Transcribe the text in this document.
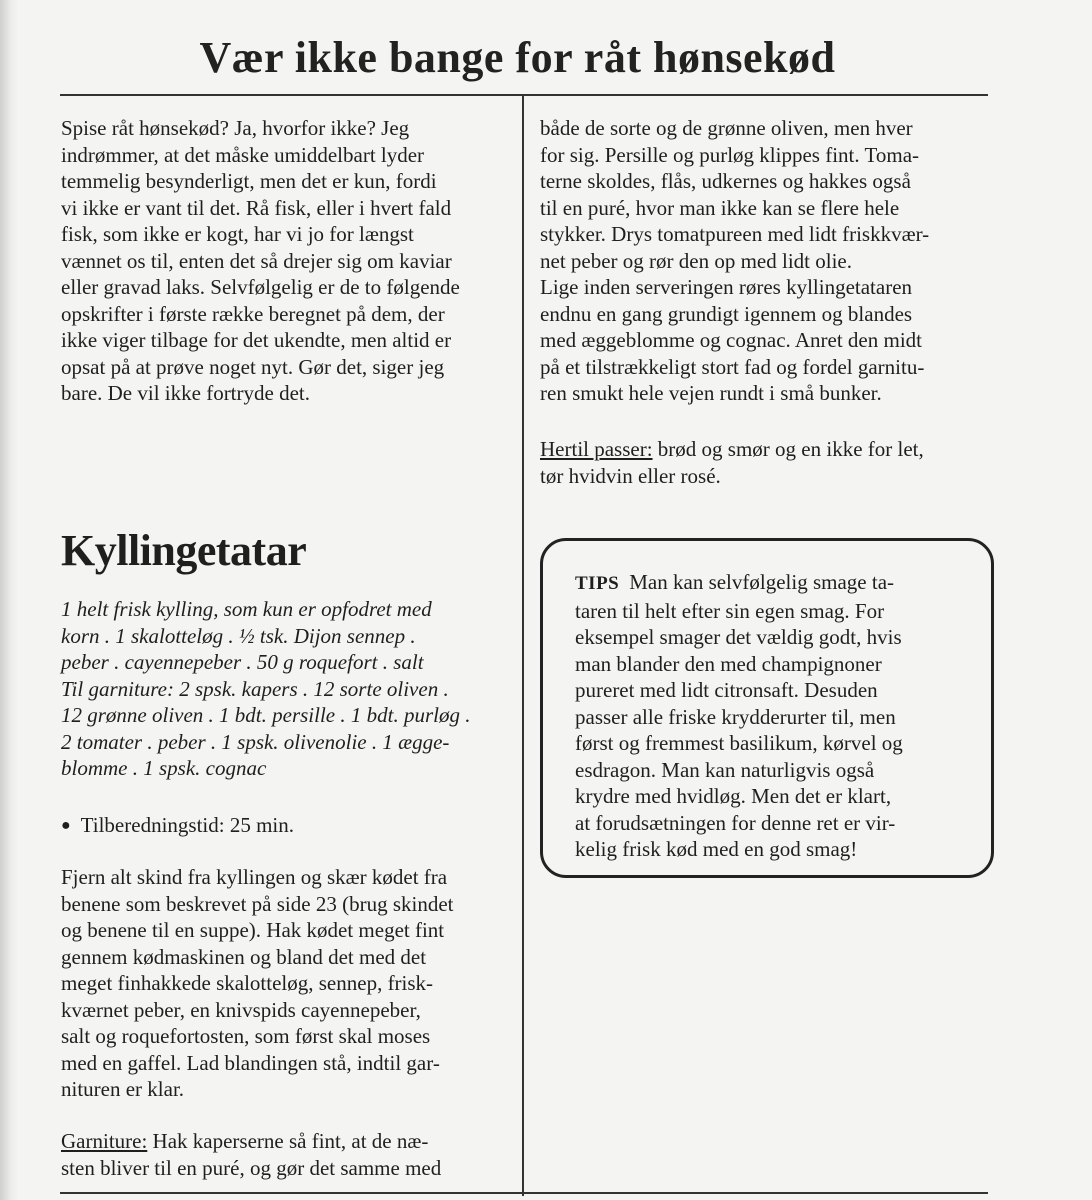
Vær ikke bange for råt hønsekød
Spise råt hønsekød? Ja, hvorfor ikke? Jeg
indrømmer, at det måske umiddelbart lyder
temmelig besynderligt, men det er kun, fordi
vi ikke er vant til det. Rå fisk, eller i hvert fald
fisk, som ikke er kogt, har vi jo for længst
vænnet os til, enten det så drejer sig om kaviar
eller gravad laks. Selvfølgelig er de to følgende
opskrifter i første række beregnet på dem, der
ikke viger tilbage for det ukendte, men altid er
opsat på at prøve noget nyt. Gør det, siger jeg
bare. De vil ikke fortryde det.
Kyllingetatar
1 helt frisk kylling, som kun er opfodret med
korn . 1 skalotteløg . ½ tsk. Dijon sennep .
peber . cayennepeber . 50 g roquefort . salt
Til garniture: 2 spsk. kapers . 12 sorte oliven .
12 grønne oliven . 1 bdt. persille . 1 bdt. purløg .
2 tomater . peber . 1 spsk. olivenolie . 1 ægge-
blomme . 1 spsk. cognac
● Tilberedningstid: 25 min.
Fjern alt skind fra kyllingen og skær kødet fra
benene som beskrevet på side 23 (brug skindet
og benene til en suppe). Hak kødet meget fint
gennem kødmaskinen og bland det med det
meget finhakkede skalotteløg, sennep, frisk-
kværnet peber, en knivspids cayennepeber,
salt og roquefortosten, som først skal moses
med en gaffel. Lad blandingen stå, indtil gar-
nituren er klar.
Garniture: Hak kaperserne så fint, at de næ-
sten bliver til en puré, og gør det samme med
både de sorte og de grønne oliven, men hver
for sig. Persille og purløg klippes fint. Toma-
terne skoldes, flås, udkernes og hakkes også
til en puré, hvor man ikke kan se flere hele
stykker. Drys tomatpureen med lidt friskkvær-
net peber og rør den op med lidt olie.
Lige inden serveringen røres kyllingetataren
endnu en gang grundigt igennem og blandes
med æggeblomme og cognac. Anret den midt
på et tilstrækkeligt stort fad og fordel garnitu-
ren smukt hele vejen rundt i små bunker.
Hertil passer: brød og smør og en ikke for let,
tør hvidvin eller rosé.
TIPS Man kan selvfølgelig smage ta-
taren til helt efter sin egen smag. For
eksempel smager det vældig godt, hvis
man blander den med champignoner
pureret med lidt citronsaft. Desuden
passer alle friske krydderurter til, men
først og fremmest basilikum, kørvel og
esdragon. Man kan naturligvis også
krydre med hvidløg. Men det er klart,
at forudsætningen for denne ret er vir-
kelig frisk kød med en god smag!
